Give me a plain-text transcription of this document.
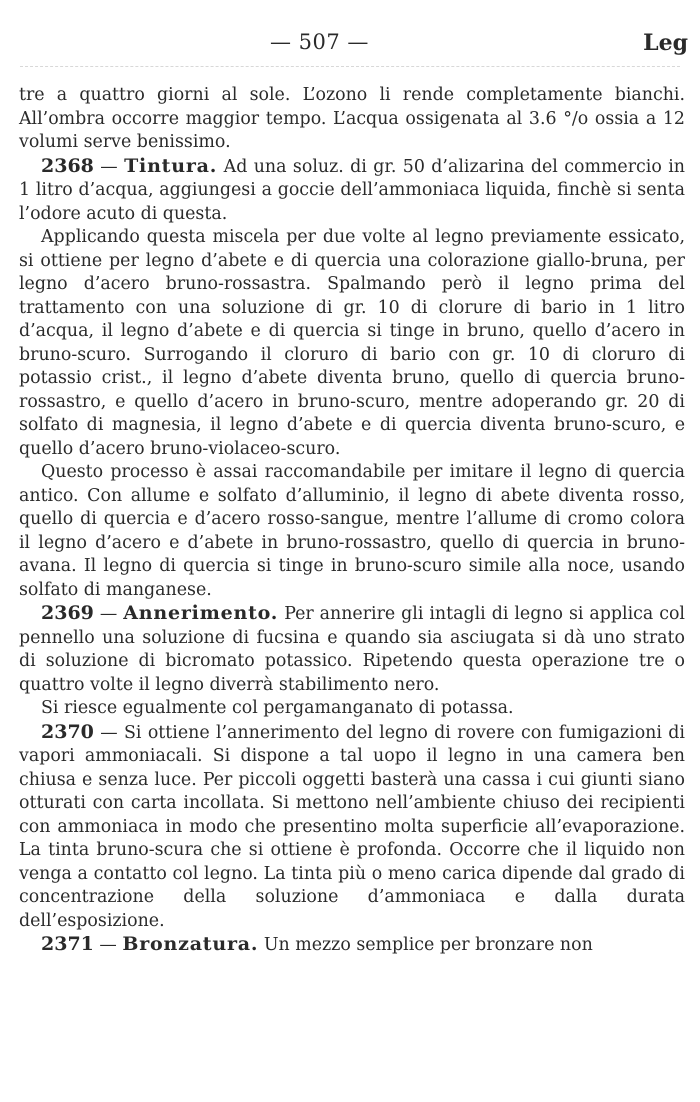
— 507 —	Leg

tre a quattro giorni al sole. L’ozono li rende completamente bianchi. All’ombra occorre maggior tempo. L’acqua ossigenata al 3.6 °/o ossia a 12 volumi serve benissimo.

2368 — Tintura. Ad una soluz. di gr. 50 d’alizarina del commercio in 1 litro d’acqua, aggiungesi a goccie dell’ammoniaca liquida, finchè si senta l’odore acuto di questa.

Applicando questa miscela per due volte al legno previamente essicato, si ottiene per legno d’abete e di quercia una colorazione giallo-bruna, per legno d’acero bruno-rossastra. Spalmando però il legno prima del trattamento con una soluzione di gr. 10 di clorure di bario in 1 litro d’acqua, il legno d’abete e di quercia si tinge in bruno, quello d’acero in bruno-scuro. Surrogando il cloruro di bario con gr. 10 di cloruro di potassio crist., il legno d’abete diventa bruno, quello di quercia bruno-rossastro, e quello d’acero in bruno-scuro, mentre adoperando gr. 20 di solfato di magnesia, il legno d’abete e di quercia diventa bruno-scuro, e quello d’acero bruno-violaceo-scuro.

Questo processo è assai raccomandabile per imitare il legno di quercia antico. Con allume e solfato d’alluminio, il legno di abete diventa rosso, quello di quercia e d’acero rosso-sangue, mentre l’allume di cromo colora il legno d’acero e d’abete in bruno-rossastro, quello di quercia in bruno-avana. Il legno di quercia si tinge in bruno-scuro simile alla noce, usando solfato di manganese.

2369 — Annerimento. Per annerire gli intagli di legno si applica col pennello una soluzione di fucsina e quando sia asciugata si dà uno strato di soluzione di bicromato potassico. Ripetendo questa operazione tre o quattro volte il legno diverrà stabilimento nero.

Si riesce egualmente col pergamanganato di potassa.

2370 — Si ottiene l’annerimento del legno di rovere con fumigazioni di vapori ammoniacali. Si dispone a tal uopo il legno in una camera ben chiusa e senza luce. Per piccoli oggetti basterà una cassa i cui giunti siano otturati con carta incollata. Si mettono nell’ambiente chiuso dei recipienti con ammoniaca in modo che presentino molta superficie all’evaporazione. La tinta bruno-scura che si ottiene è profonda. Occorre che il liquido non venga a contatto col legno. La tinta più o meno carica dipende dal grado di concentrazione della soluzione d’ammoniaca e dalla durata dell’esposizione.

2371 — Bronzatura. Un mezzo semplice per bronzare non
